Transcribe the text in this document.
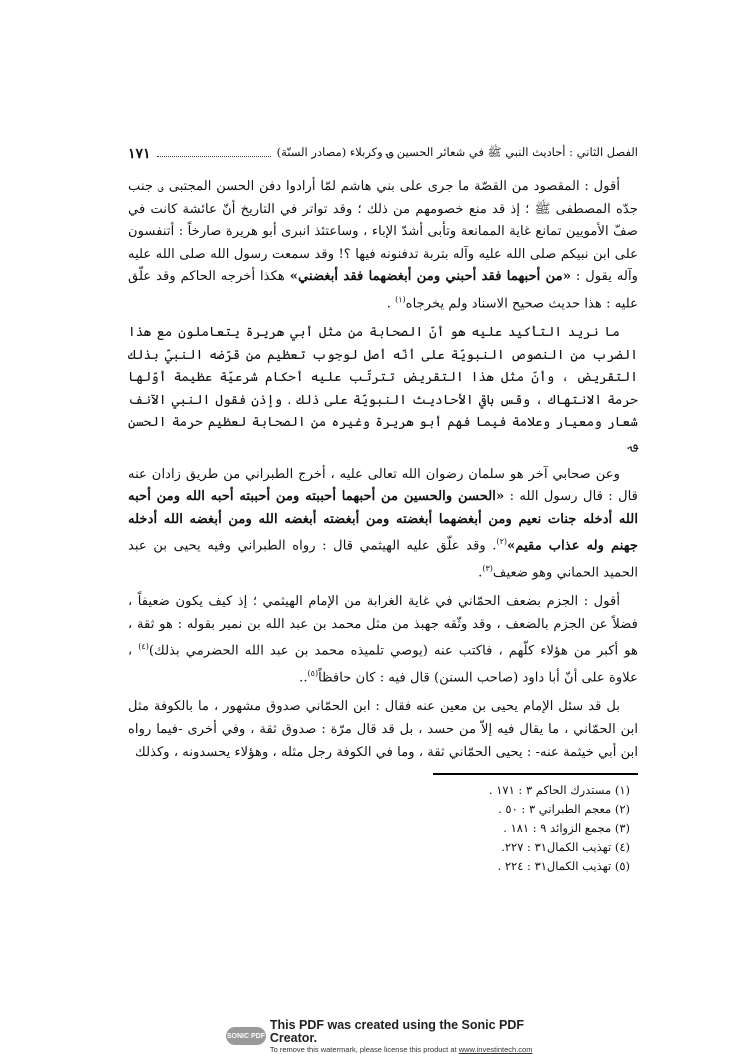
الفصل الثاني : أحاديث النبي ﷺ في شعائر الحسين ؈ وكربلاء (مصادر السنّة)
١٧١

أقول : المقصود من القصّة ما جرى على بني هاشم لمّا أرادوا دفن الحسن المجتبى ؈ جنب جدّه المصطفى ﷺ ؛ إذ قد منع خصومهم من ذلك ؛ وقد تواتر في التاريخ أنّ عائشة كانت في صفّ الأمويين تمانع غاية الممانعة وتأبى أشدّ الإباء ، وساعتئذ انبرى أبو هريرة صارخاً : أتنفسون على ابن نبيكم صلى الله عليه وآله بتربة تدفنونه فيها ؟! وقد سمعت رسول الله صلى الله عليه وآله يقول : «من أحبهما فقد أحبني ومن أبغضهما فقد أبغضني» هكذا أخرجه الحاكم وقد علّق عليه : هذا حديث صحيح الاسناد ولم يخرجاه$^{(١)}$ .

ما نريد التأكيد عليه هو أنّ الصحابة من مثل أبي هريرة يتعاملون مع هذا الضرب من النصوص النبويّة على أنّه أصل لوجوب تعظيم من قرّضه النبيّ بذلك التقريض ، وأنّ مثل هذا التقريض تترتّب عليه أحكام شرعيّة عظيمة أوّلها حرمة الانتهاك ، وقس باقي الأحاديث النبويّة على ذلك . وإذن فقول النبي الآنف شعار ومعيار وعلامة فيما فهم أبو هريرة وغيره من الصحابة لعظيم حرمة الحسن ؈.

وعن صحابي آخر هو سلمان رضوان الله تعالى عليه ، أخرج الطبراني من طريق زادان عنه قال : قال رسول الله : «الحسن والحسين من أحبهما أحببته ومن أحببته أحبه الله ومن أحبه الله أدخله جنات نعيم ومن أبغضهما أبغضته ومن أبغضته أبغضه الله ومن أبغضه الله أدخله جهنم وله عذاب مقيم»$^{(٢)}$. وقد علّق عليه الهيثمي قال : رواه الطبراني وفيه يحيى بن عبد الحميد الحماني وهو ضعيف$^{(٣)}$.

أقول : الجزم بضعف الحمّاني في غاية الغرابة من الإمام الهيثمي ؛ إذ كيف يكون ضعيفاً ، فضلاً عن الجزم بالضعف ، وقد وثّقه جهبذ من مثل محمد بن عبد الله بن نمير بقوله : هو ثقة ، هو أكبر من هؤلاء كلّهم ، فاكتب عنه (يوصي تلميذه محمد بن عبد الله الحضرمي بذلك)$^{(٤)}$ ، علاوة على أنّ أبا داود (صاحب السنن) قال فيه : كان حافظاً$^{(٥)}$..

بل قد سئل الإمام يحيى بن معين عنه فقال : ابن الحمّاني صدوق مشهور ، ما بالكوفة مثل ابن الحمّاني ، ما يقال فيه إلاّ من حسد ، بل قد قال مرّة : صدوق ثقة ، وفي أخرى -فيما رواه ابن أبي خيثمة عنه- : يحيى الحمّاني ثقة ، وما في الكوفة رجل مثله ، وهؤلاء يحسدونه ، وكذلك

(١) مستدرك الحاكم ٣ : ١٧١ .
(٢) معجم الطبراني ٣ : ٥٠ .
(٣) مجمع الزوائد ٩ : ١٨١ .
(٤) تهذيب الكمال٣١ : ٢٢٧.
(٥) تهذيب الكمال٣١ : ٢٢٤ .
SONIC PDF
This PDF was created using the Sonic PDF Creator.
To remove this watermark, please license this product at www.investintech.com
